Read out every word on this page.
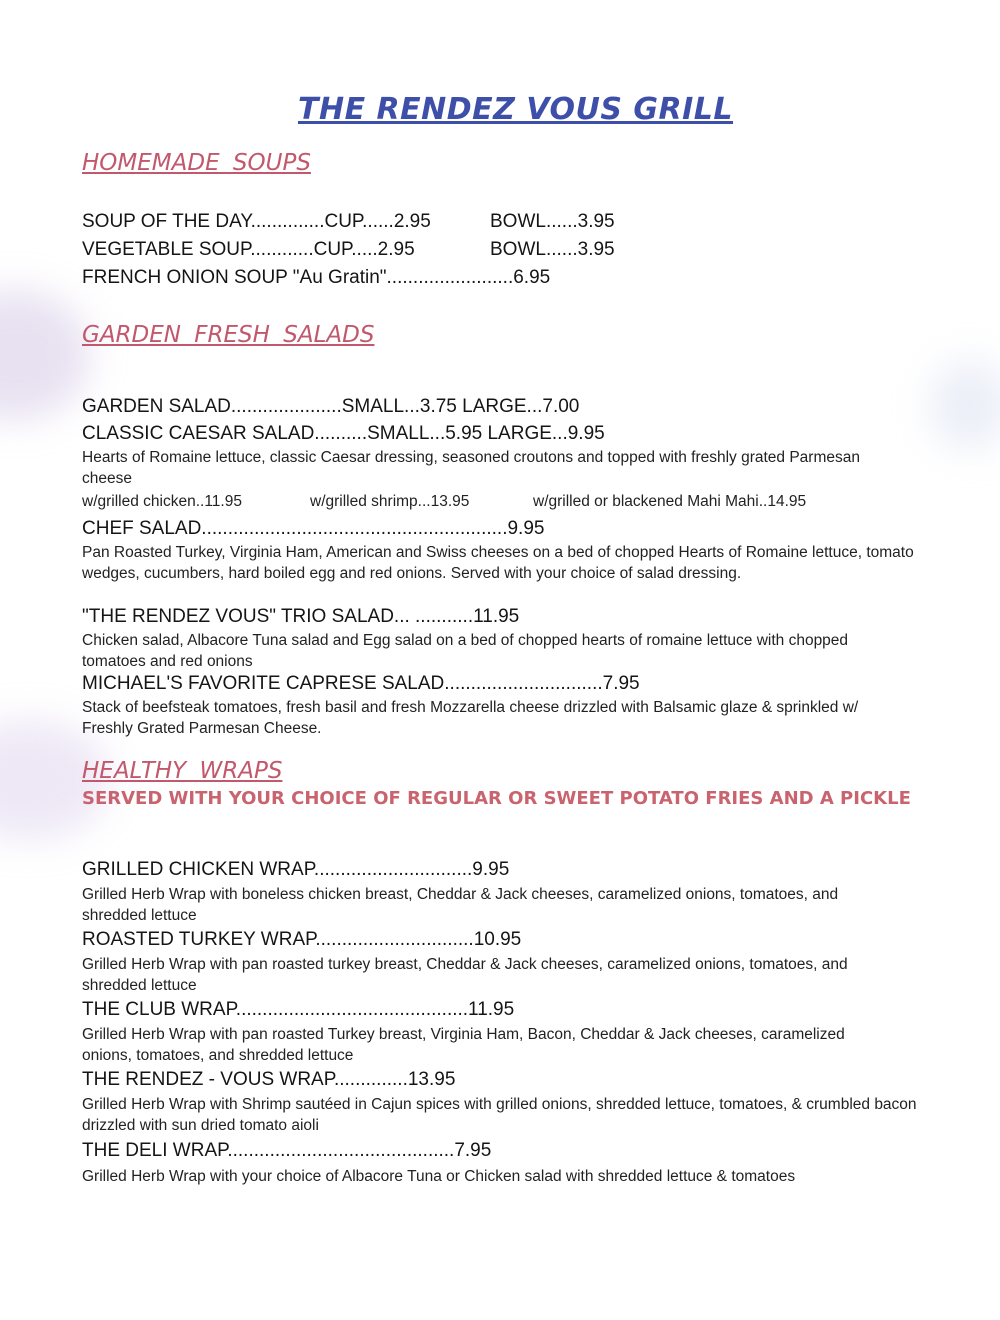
THE RENDEZ VOUS GRILL
HOMEMADE SOUPS
SOUP OF THE DAY..............CUP......2.95	BOWL......3.95
VEGETABLE SOUP............CUP.....2.95	BOWL......3.95
FRENCH ONION SOUP "Au Gratin"........................6.95
GARDEN FRESH SALADS
GARDEN SALAD.....................SMALL...3.75 LARGE...7.00
CLASSIC CAESAR SALAD..........SMALL...5.95 LARGE...9.95
Hearts of Romaine lettuce, classic Caesar dressing, seasoned croutons and topped with freshly grated Parmesan cheese
w/grilled chicken..11.95	w/grilled shrimp...13.95	w/grilled or blackened Mahi Mahi..14.95
CHEF SALAD..........................................................9.95
Pan Roasted Turkey, Virginia Ham, American and Swiss cheeses on a bed of chopped Hearts of Romaine lettuce, tomato wedges, cucumbers, hard boiled egg and red onions. Served with your choice of salad dressing.
"THE RENDEZ VOUS" TRIO SALAD... ...........11.95
Chicken salad, Albacore Tuna salad and Egg salad on a bed of chopped hearts of romaine lettuce with chopped tomatoes and red onions
MICHAEL'S FAVORITE CAPRESE SALAD..............................7.95
Stack of beefsteak tomatoes, fresh basil and fresh Mozzarella cheese drizzled with Balsamic glaze & sprinkled w/ Freshly Grated Parmesan Cheese.
HEALTHY WRAPS
SERVED WITH YOUR CHOICE OF REGULAR OR SWEET POTATO FRIES AND A PICKLE
GRILLED CHICKEN WRAP..............................9.95
Grilled Herb Wrap with boneless chicken breast, Cheddar & Jack cheeses, caramelized onions, tomatoes, and shredded lettuce
ROASTED TURKEY WRAP..............................10.95
Grilled Herb Wrap with pan roasted turkey breast, Cheddar & Jack cheeses, caramelized onions, tomatoes, and shredded lettuce
THE CLUB WRAP............................................11.95
Grilled Herb Wrap with pan roasted Turkey breast, Virginia Ham, Bacon, Cheddar & Jack cheeses, caramelized onions, tomatoes, and shredded lettuce
THE RENDEZ - VOUS WRAP..............13.95
Grilled Herb Wrap with Shrimp sautéed in Cajun spices with grilled onions, shredded lettuce, tomatoes, & crumbled bacon drizzled with sun dried tomato aioli
THE DELI WRAP...........................................7.95
Grilled Herb Wrap with your choice of Albacore Tuna or Chicken salad with shredded lettuce & tomatoes
